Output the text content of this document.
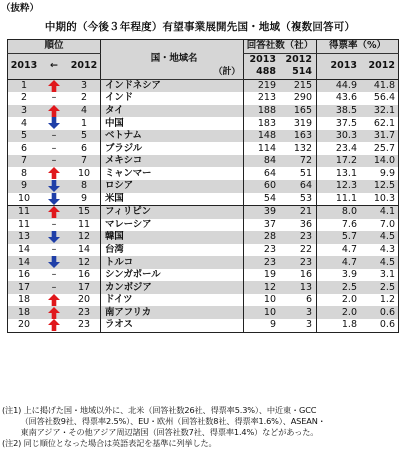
（抜粋）
中期的（今後３年程度）有望事業展開先国・地域（複数回答可）
順位			国・地域名
（計）	回答社数（社）		得票率（%）	
2013	←	2012		2013	2012	2013	2012
				488	514		
1		3	インドネシア	219	215	44.9	41.8
2	–	2	インド	213	290	43.6	56.4
3		4	タイ	188	165	38.5	32.1
4		1	中国	183	319	37.5	62.1
5	–	5	ベトナム	148	163	30.3	31.7
6	–	6	ブラジル	114	132	23.4	25.7
7	–	7	メキシコ	84	72	17.2	14.0
8		10	ミャンマー	64	51	13.1	9.9
9		8	ロシア	60	64	12.3	12.5
10		9	米国	54	53	11.1	10.3
11		15	フィリピン	39	21	8.0	4.1
11	–	11	マレーシア	37	36	7.6	7.0
13		12	韓国	28	23	5.7	4.5
14	–	14	台湾	23	22	4.7	4.3
14		12	トルコ	23	23	4.7	4.5
16	–	16	シンガポール	19	16	3.9	3.1
17	–	17	カンボジア	12	13	2.5	2.5
18		20	ドイツ	10	6	2.0	1.2
18		23	南アフリカ	10	3	2.0	0.6
20		23	ラオス	9	3	1.8	0.6
(注1) 上に掲げた国・地域以外に、北米（回答社数26社、得票率5.3%）、中近東・GCC
　　 （回答社数9社、得票率2.5%）、EU・欧州（回答社数8社、得票率1.6%）、ASEAN・
　　 東南アジア・その他アジア周辺諸国（回答社数7社、得票率1.4%）などがあった。
(注2) 同じ順位となった場合は英語表記を基準に列挙した。
